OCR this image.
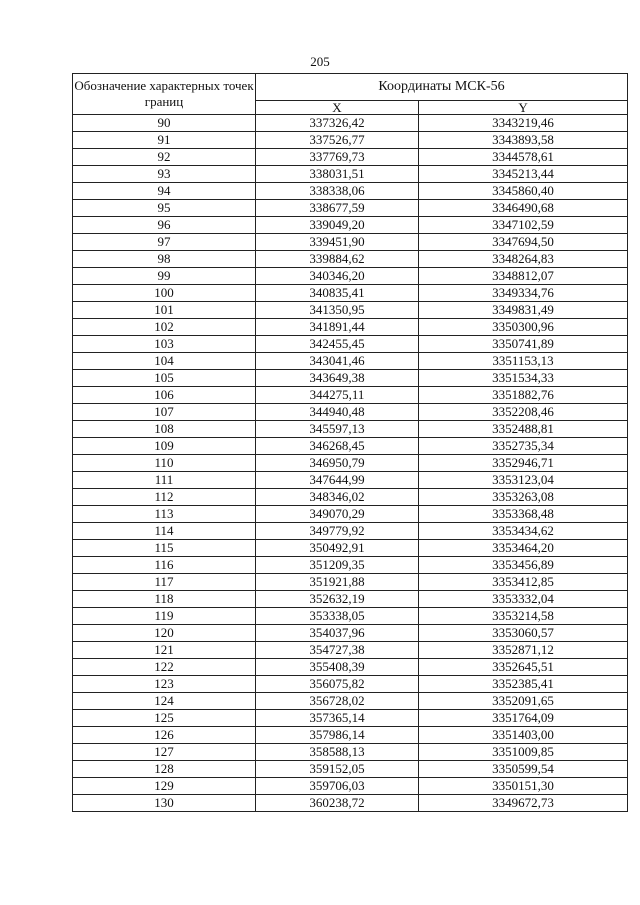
205
Обозначение характерных точек границ	Координаты МСК-56	
	X	Y
90	337326,42	3343219,46
91	337526,77	3343893,58
92	337769,73	3344578,61
93	338031,51	3345213,44
94	338338,06	3345860,40
95	338677,59	3346490,68
96	339049,20	3347102,59
97	339451,90	3347694,50
98	339884,62	3348264,83
99	340346,20	3348812,07
100	340835,41	3349334,76
101	341350,95	3349831,49
102	341891,44	3350300,96
103	342455,45	3350741,89
104	343041,46	3351153,13
105	343649,38	3351534,33
106	344275,11	3351882,76
107	344940,48	3352208,46
108	345597,13	3352488,81
109	346268,45	3352735,34
110	346950,79	3352946,71
111	347644,99	3353123,04
112	348346,02	3353263,08
113	349070,29	3353368,48
114	349779,92	3353434,62
115	350492,91	3353464,20
116	351209,35	3353456,89
117	351921,88	3353412,85
118	352632,19	3353332,04
119	353338,05	3353214,58
120	354037,96	3353060,57
121	354727,38	3352871,12
122	355408,39	3352645,51
123	356075,82	3352385,41
124	356728,02	3352091,65
125	357365,14	3351764,09
126	357986,14	3351403,00
127	358588,13	3351009,85
128	359152,05	3350599,54
129	359706,03	3350151,30
130	360238,72	3349672,73
